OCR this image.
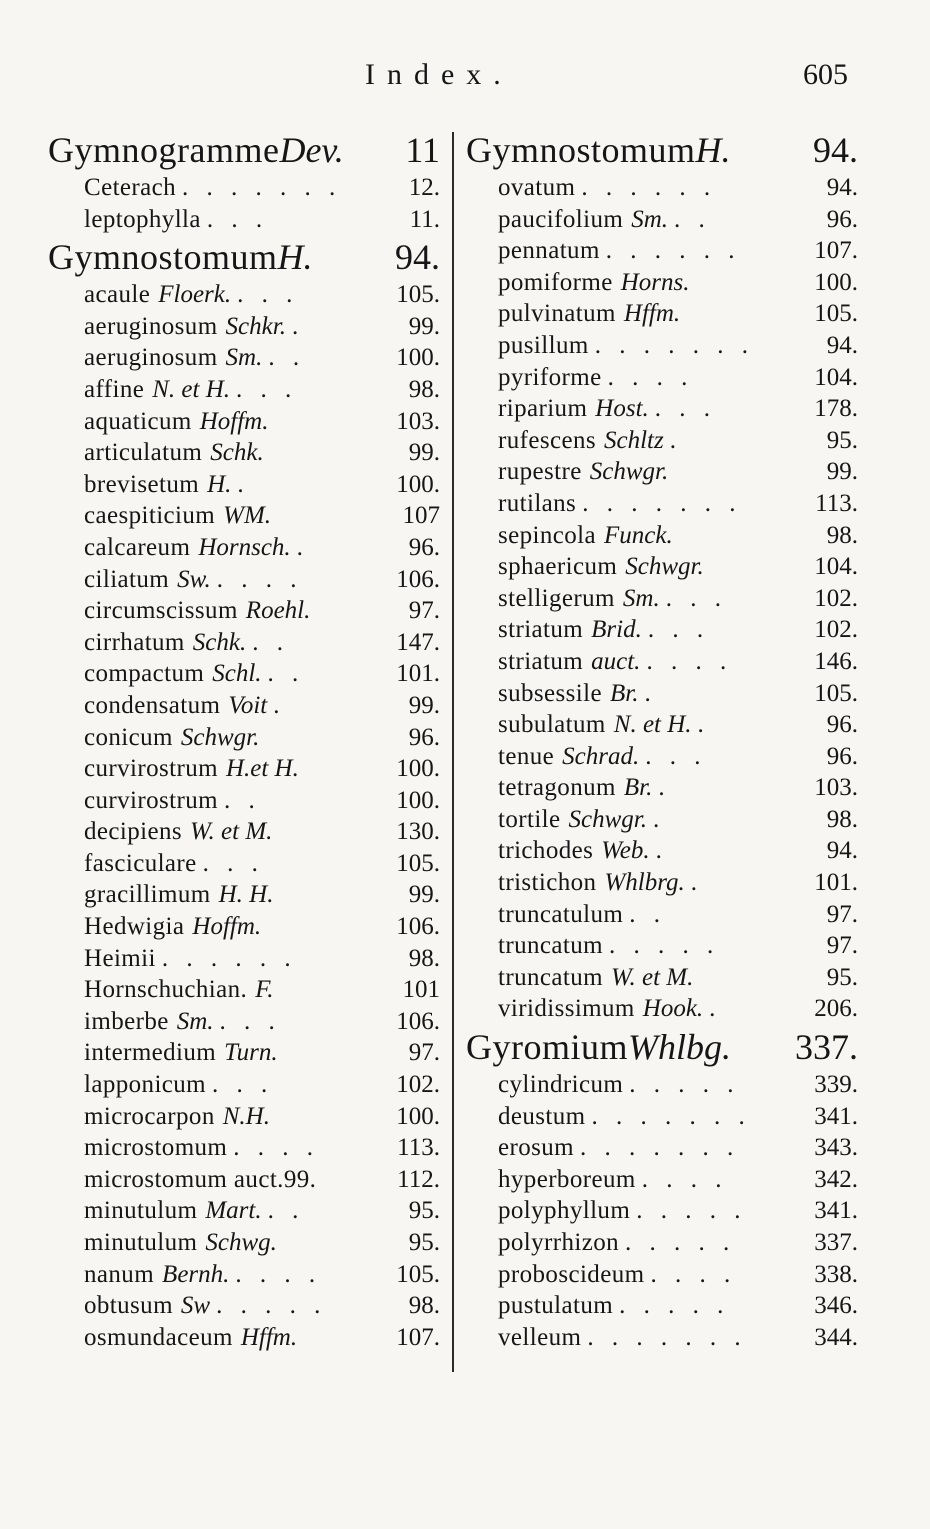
Index.	605
GymnogrammeDev. 11
Ceterach . . . . . . .	12.
leptophylla . . .	11.
GymnostomumH. 94.
acaule Floerk. . . .	105.
aeruginosum Schkr. .	99.
aeruginosum Sm. . .	100.
affine N. et H. . . .	98.
aquaticum Hoffm.	103.
articulatum Schk.	99.
brevisetum H. .	100.
caespiticium WM.	107
calcareum Hornsch. .	96.
ciliatum Sw. . . . .	106.
circumscissum Roehl.	97.
cirrhatum Schk. . .	147.
compactum Schl. . .	101.
condensatum Voit .	99.
conicum Schwgr.	96.
curvirostrum H.et H.	100.
curvirostrum . .	100.
decipiens W. et M.	130.
fasciculare . . .	105.
gracillimum H. H.	99.
Hedwigia Hoffm.	106.
Heimii . . . . . .	98.
Hornschuchian. F.	101
imberbe Sm. . . .	106.
intermedium Turn.	97.
lapponicum . . .	102.
microcarpon N.H.	100.
microstomum . . . .	113.
microstomum auct.99.	112.
minutulum Mart. . .	95.
minutulum Schwg.	95.
nanum Bernh. . . . .	105.
obtusum Sw . . . . .	98.
osmundaceum Hffm.	107.
GymnostomumH. 94.
ovatum . . . . . .	94.
paucifolium Sm. . .	96.
pennatum . . . . . .	107.
pomiforme Horns.	100.
pulvinatum Hffm.	105.
pusillum . . . . . . .	94.
pyriforme . . . .	104.
riparium Host. . . .	178.
rufescens Schltz .	95.
rupestre Schwgr.	99.
rutilans . . . . . . .	113.
sepincola Funck.	98.
sphaericum Schwgr.	104.
stelligerum Sm. . . .	102.
striatum Brid. . . .	102.
striatum auct. . . . .	146.
subsessile Br. .	105.
subulatum N. et H. .	96.
tenue Schrad. . . .	96.
tetragonum Br. .	103.
tortile Schwgr. .	98.
trichodes Web. .	94.
tristichon Whlbrg. .	101.
truncatulum . .	97.
truncatum . . . . .	97.
truncatum W. et M.	95.
viridissimum Hook. .	206.
GyromiumWhlbg. 337.
cylindricum . . . . .	339.
deustum . . . . . . .	341.
erosum . . . . . . .	343.
hyperboreum . . . .	342.
polyphyllum . . . . .	341.
polyrrhizon . . . . .	337.
proboscideum . . . .	338.
pustulatum . . . . .	346.
velleum . . . . . . .	344.
